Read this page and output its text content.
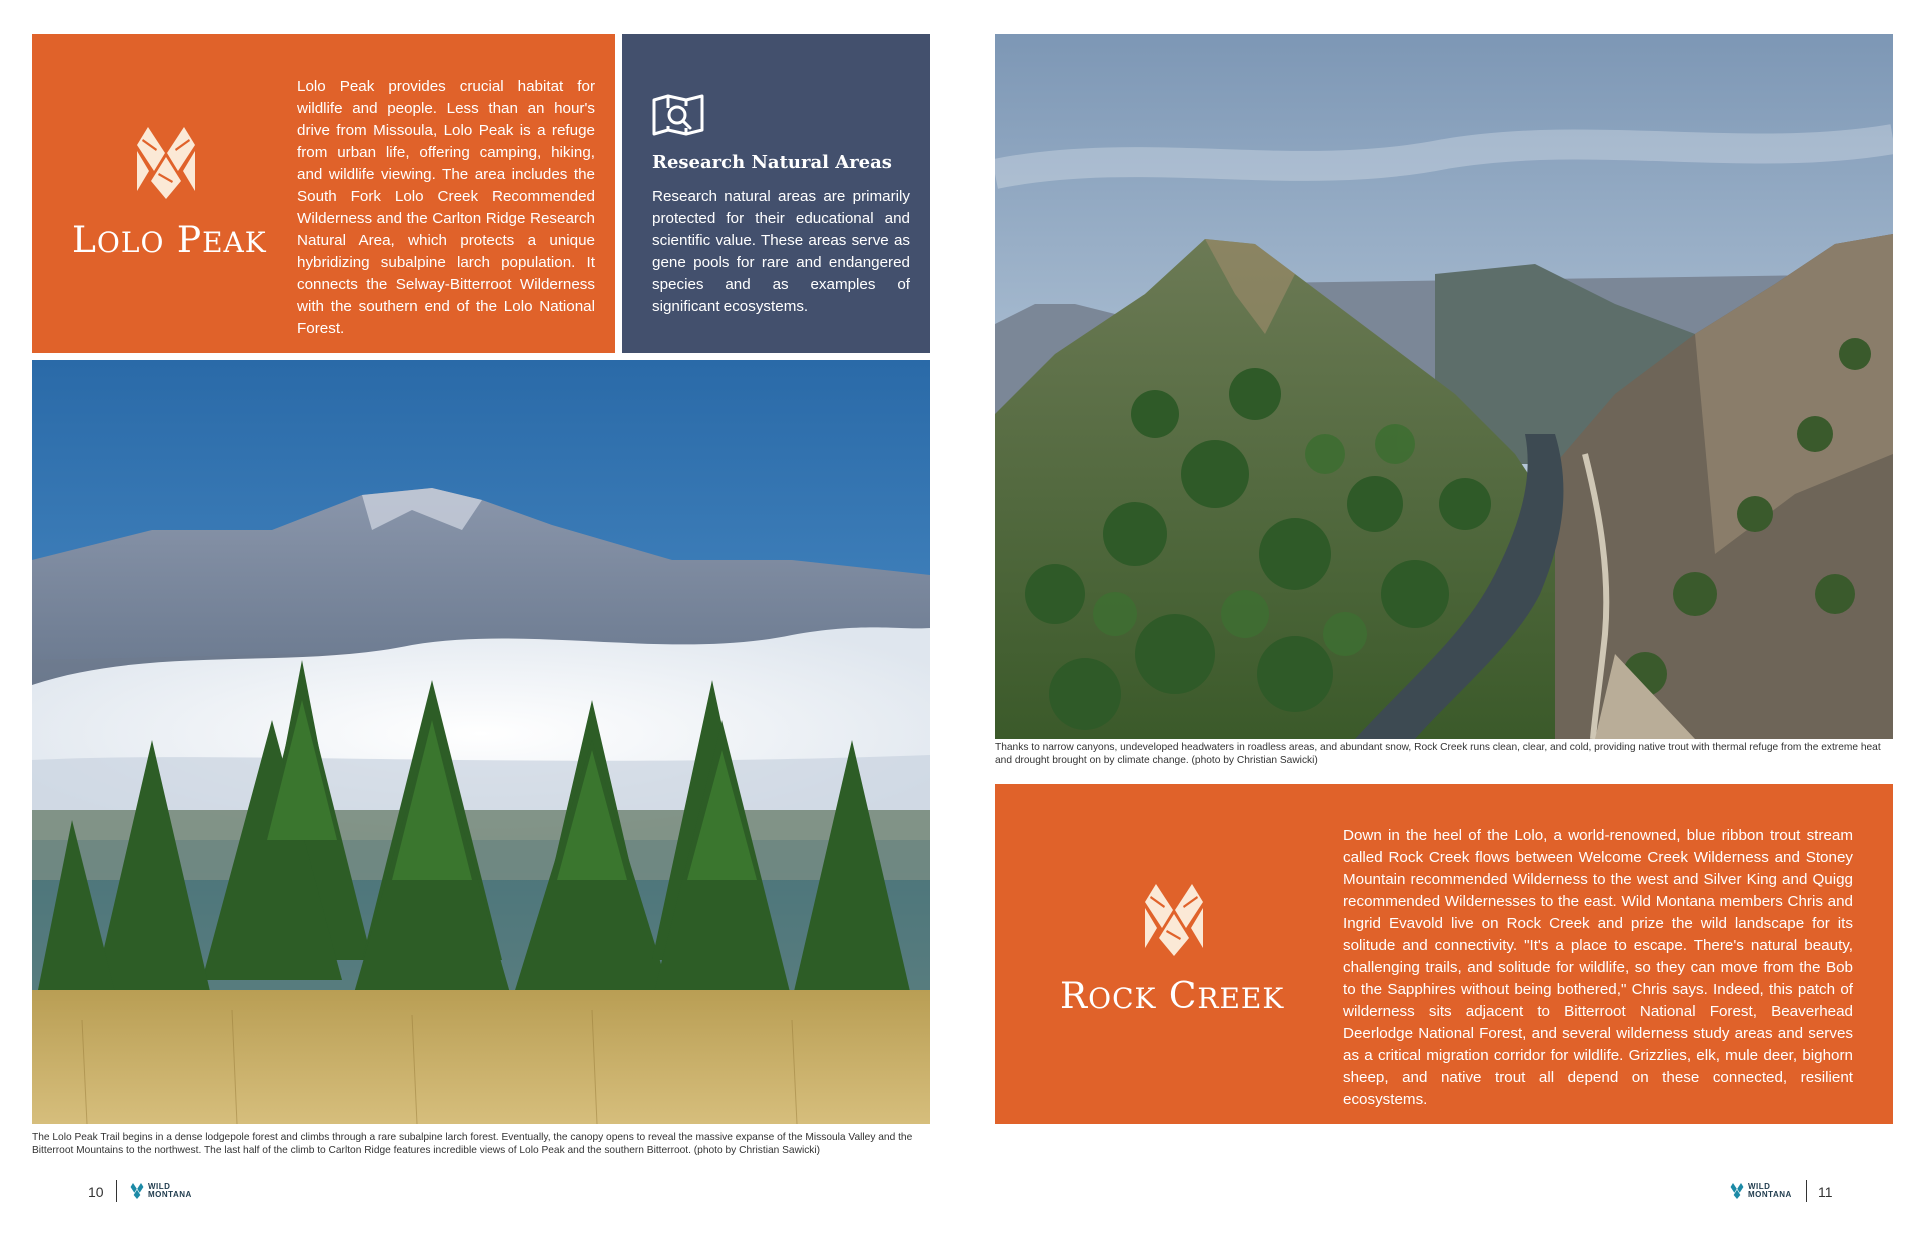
LOLO PEAK
Lolo Peak provides crucial habitat for wildlife and people. Less than an hour's drive from Missoula, Lolo Peak is a refuge from urban life, offering camping, hiking, and wildlife viewing. The area includes the South Fork Lolo Creek Recommended Wilderness and the Carlton Ridge Research Natural Area, which protects a unique hybridizing subalpine larch population. It connects the Selway-Bitterroot Wilderness with the southern end of the Lolo National Forest.
Research Natural Areas
Research natural areas are primarily protected for their educational and scientific value. These areas serve as gene pools for rare and endangered species and as examples of significant ecosystems.
The Lolo Peak Trail begins in a dense lodgepole forest and climbs through a rare subalpine larch forest. Eventually, the canopy opens to reveal the massive expanse of the Missoula Valley and the Bitterroot Mountains to the northwest. The last half of the climb to Carlton Ridge features incredible views of Lolo Peak and the southern Bitterroot. (photo by Christian Sawicki)
10	WILD
MONTANA
Thanks to narrow canyons, undeveloped headwaters in roadless areas, and abundant snow, Rock Creek runs clean, clear, and cold, providing native trout with thermal refuge from the extreme heat and drought brought on by climate change. (photo by Christian Sawicki)
ROCK CREEK
Down in the heel of the Lolo, a world-renowned, blue ribbon trout stream called Rock Creek flows between Welcome Creek Wilderness and Stoney Mountain recommended Wilderness to the west and Silver King and Quigg recommended Wildernesses to the east. Wild Montana members Chris and Ingrid Evavold live on Rock Creek and prize the wild landscape for its solitude and connectivity. "It's a place to escape. There's natural beauty, challenging trails, and solitude for wildlife, so they can move from the Bob to the Sapphires without being bothered," Chris says. Indeed, this patch of wilderness sits adjacent to Bitterroot National Forest, Beaverhead Deerlodge National Forest, and several wilderness study areas and serves as a critical migration corridor for wildlife. Grizzlies, elk, mule deer, bighorn sheep, and native trout all depend on these connected, resilient ecosystems.
WILD
MONTANA 11
